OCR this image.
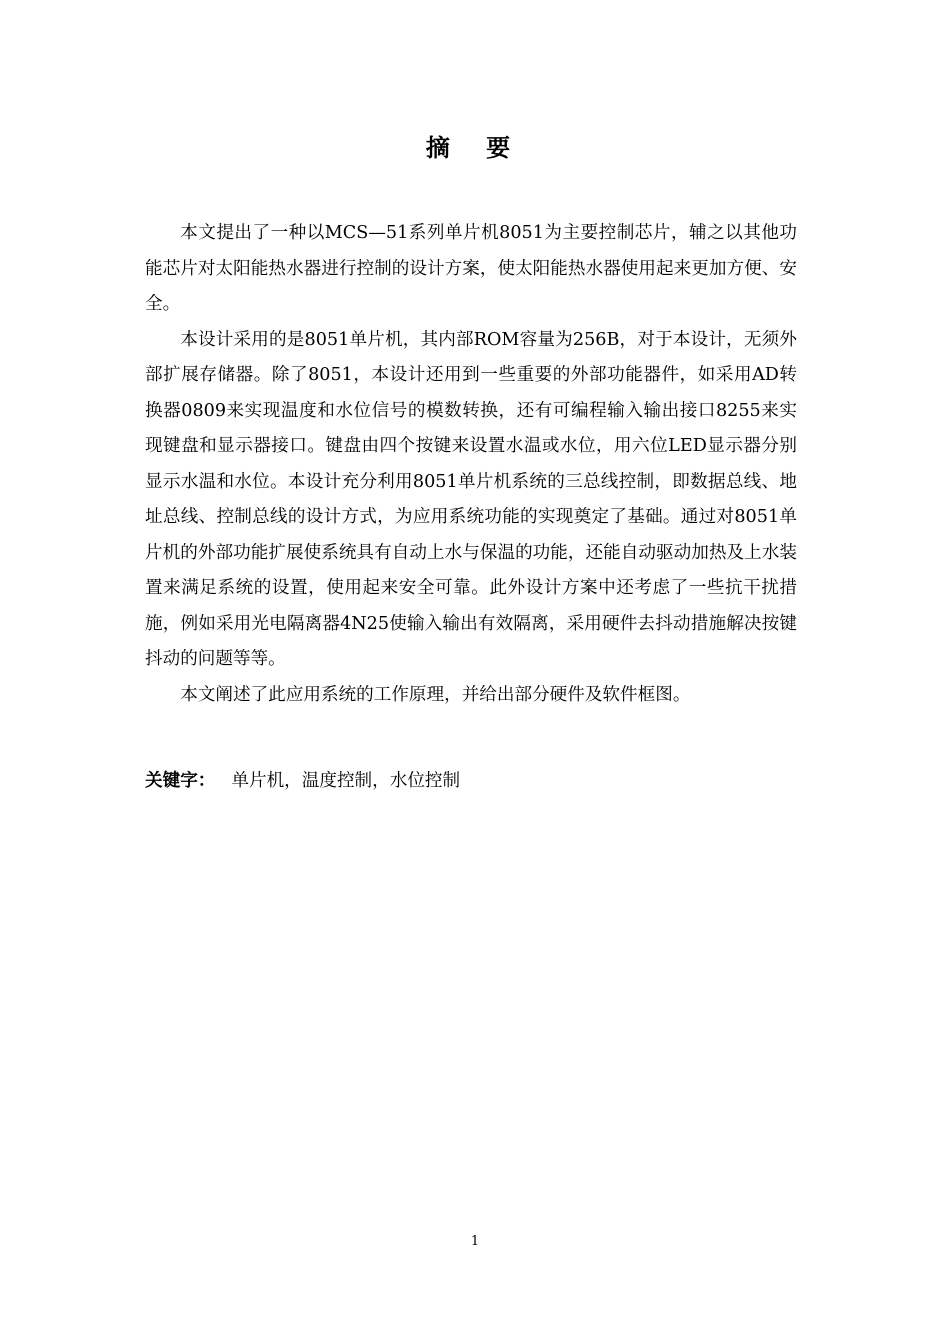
摘 要

本文提出了一种以MCS—51系列单片机8051为主要控制芯片，辅之以其他功能芯片对太阳能热水器进行控制的设计方案，使太阳能热水器使用起来更加方便、安全。

本设计采用的是8051单片机，其内部ROM容量为256B，对于本设计，无须外部扩展存储器。除了8051，本设计还用到一些重要的外部功能器件，如采用AD转换器0809来实现温度和水位信号的模数转换，还有可编程输入输出接口8255来实现键盘和显示器接口。键盘由四个按键来设置水温或水位，用六位LED显示器分别显示水温和水位。本设计充分利用8051单片机系统的三总线控制，即数据总线、地址总线、控制总线的设计方式，为应用系统功能的实现奠定了基础。通过对8051单片机的外部功能扩展使系统具有自动上水与保温的功能，还能自动驱动加热及上水装置来满足系统的设置，使用起来安全可靠。此外设计方案中还考虑了一些抗干扰措施，例如采用光电隔离器4N25使输入输出有效隔离，采用硬件去抖动措施解决按键抖动的问题等等。

本文阐述了此应用系统的工作原理，并给出部分硬件及软件框图。

关键字： 单片机，温度控制，水位控制
1
